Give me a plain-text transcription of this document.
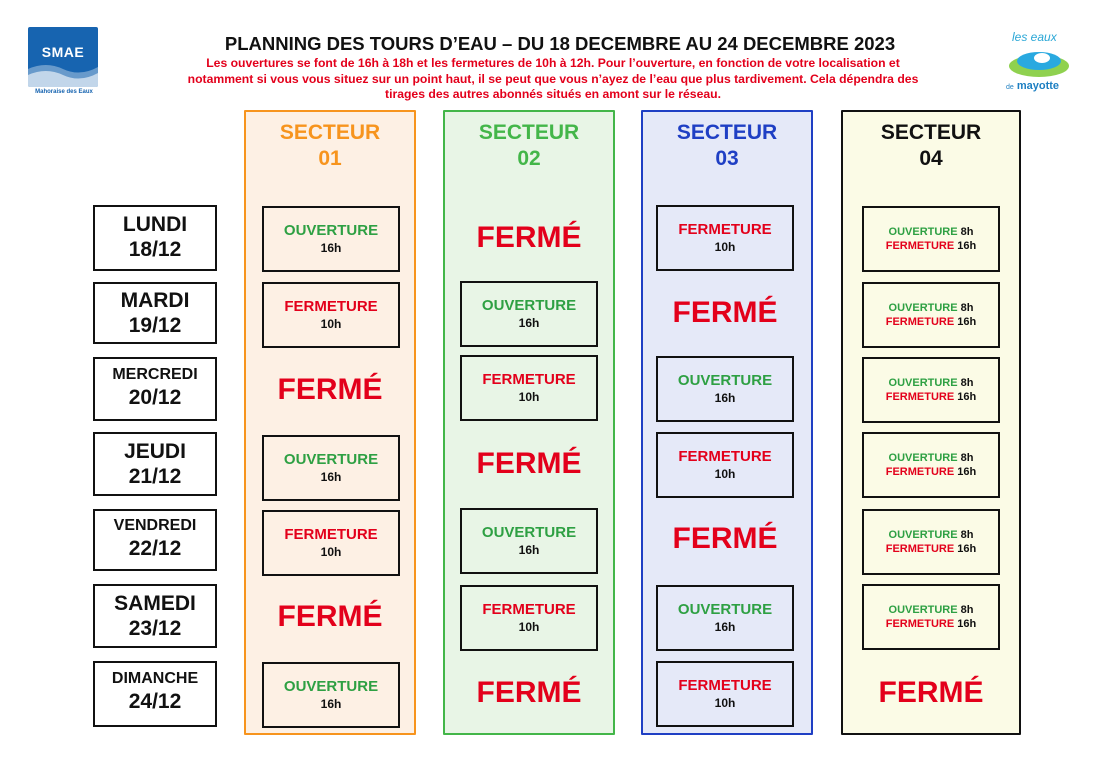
PLANNING DES TOURS D’EAU – DU 18 DECEMBRE AU 24 DECEMBRE 2023
Les ouvertures se font de 16h à 18h et les fermetures de 10h à 12h. Pour l’ouverture, en fonction de votre localisation et
notamment si vous vous situez sur un point haut, il se peut que vous n’ayez de l’eau que plus tardivement. Cela dépendra des
tirages des autres abonnés situés en amont sur le réseau.
SMAE
Mahoraise des Eaux
les eaux
de mayotte
SECTEUR
01
SECTEUR
02
SECTEUR
03
SECTEUR
04
LUNDI
18/12
MARDI
19/12
MERCREDI
20/12
JEUDI
21/12
VENDREDI
22/12
SAMEDI
23/12
DIMANCHE
24/12
OUVERTURE
16h
FERMETURE
10h
FERMÉ
OUVERTURE
16h
FERMETURE
10h
FERMÉ
OUVERTURE
16h
FERMÉ
OUVERTURE
16h
FERMETURE
10h
FERMÉ
OUVERTURE
16h
FERMETURE
10h
FERMÉ
FERMETURE
10h
FERMÉ
OUVERTURE
16h
FERMETURE
10h
FERMÉ
OUVERTURE
16h
FERMETURE
10h
OUVERTURE 8h
FERMETURE 16h
OUVERTURE 8h
FERMETURE 16h
OUVERTURE 8h
FERMETURE 16h
OUVERTURE 8h
FERMETURE 16h
OUVERTURE 8h
FERMETURE 16h
OUVERTURE 8h
FERMETURE 16h
FERMÉ
